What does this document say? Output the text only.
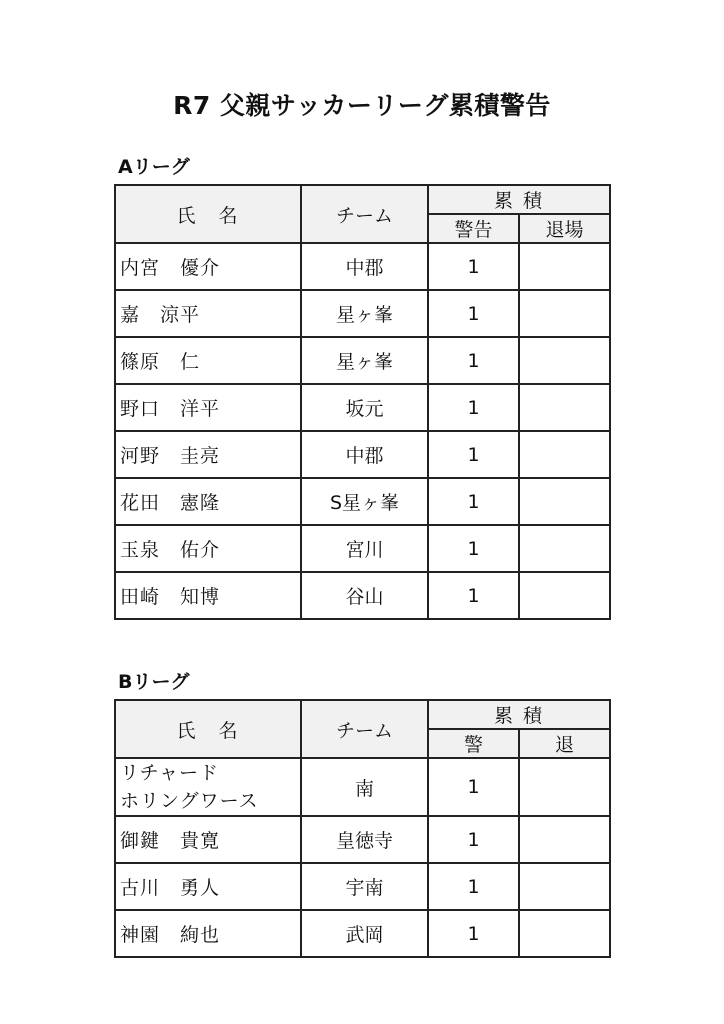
R7 父親サッカーリーグ累積警告
Aリーグ
氏　名	チーム	累 積	
		警告	退場
内宮　優介	中郡	1	
嘉　涼平	星ヶ峯	1	
篠原　仁	星ヶ峯	1	
野口　洋平	坂元	1	
河野　圭亮	中郡	1	
花田　憲隆	S星ヶ峯	1	
玉泉　佑介	宮川	1	
田崎　知博	谷山	1	
Bリーグ
氏　名	チーム	累 積	
		警	退

リチャード
ホリングワース	南	1	
御鍵　貴寛	皇徳寺	1	
古川　勇人	宇南	1	
神園　絢也	武岡	1	
